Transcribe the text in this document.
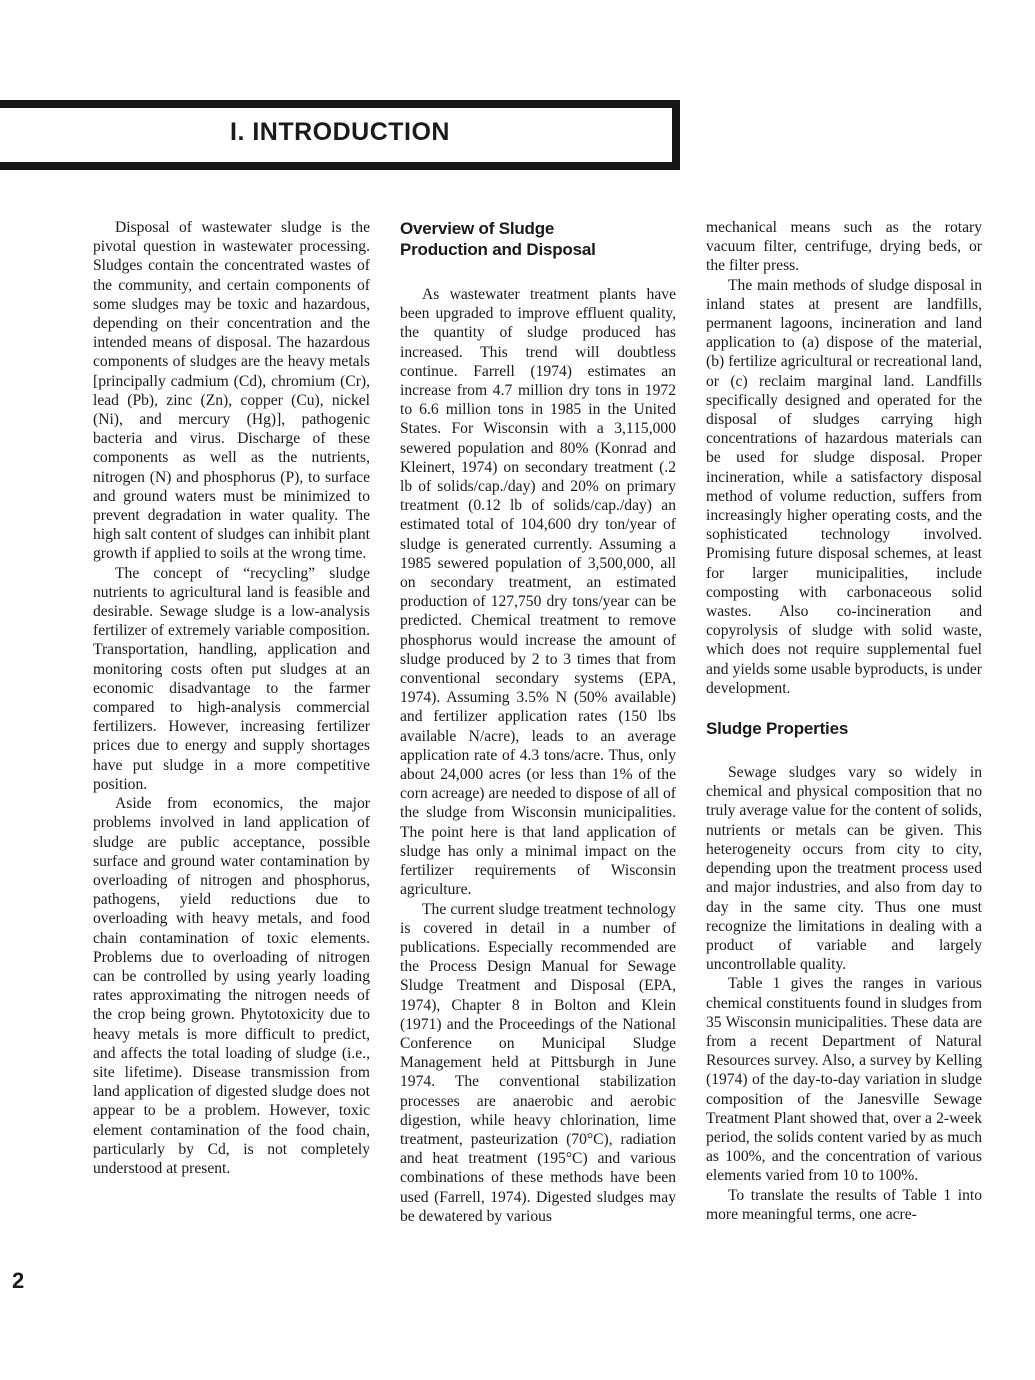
I. INTRODUCTION

Disposal of wastewater sludge is the pivotal question in wastewater processing. Sludges contain the concentrated wastes of the community, and certain components of some sludges may be toxic and hazardous, depending on their concentration and the intended means of disposal. The hazardous components of sludges are the heavy metals [principally cadmium (Cd), chromium (Cr), lead (Pb), zinc (Zn), copper (Cu), nickel (Ni), and mercury (Hg)], pathogenic bacteria and virus. Discharge of these components as well as the nutrients, nitrogen (N) and phosphorus (P), to surface and ground waters must be minimized to prevent degradation in water quality. The high salt content of sludges can inhibit plant growth if applied to soils at the wrong time.

The concept of “recycling” sludge nutrients to agricultural land is feasible and desirable. Sewage sludge is a low-analysis fertilizer of extremely variable composition. Transportation, handling, application and monitoring costs often put sludges at an economic disadvantage to the farmer compared to high-analysis commercial fertilizers. However, increasing fertilizer prices due to energy and supply shortages have put sludge in a more competitive position.

Aside from economics, the major problems involved in land application of sludge are public acceptance, possible surface and ground water contamination by overloading of nitrogen and phosphorus, pathogens, yield reductions due to overloading with heavy metals, and food chain contamination of toxic elements. Problems due to overloading of nitrogen can be controlled by using yearly loading rates approximating the nitrogen needs of the crop being grown. Phytotoxicity due to heavy metals is more difficult to predict, and affects the total loading of sludge (i.e., site lifetime). Disease transmission from land application of digested sludge does not appear to be a problem. However, toxic element contamination of the food chain, particularly by Cd, is not completely understood at present.

Overview of Sludge Production and Disposal

As wastewater treatment plants have been upgraded to improve effluent quality, the quantity of sludge produced has increased. This trend will doubtless continue. Farrell (1974) estimates an increase from 4.7 million dry tons in 1972 to 6.6 million tons in 1985 in the United States. For Wisconsin with a 3,115,000 sewered population and 80% (Konrad and Kleinert, 1974) on secondary treatment (.2 lb of solids/cap./day) and 20% on primary treatment (0.12 lb of solids/cap./day) an estimated total of 104,600 dry ton/year of sludge is generated currently. Assuming a 1985 sewered population of 3,500,000, all on secondary treatment, an estimated production of 127,750 dry tons/year can be predicted. Chemical treatment to remove phosphorus would increase the amount of sludge produced by 2 to 3 times that from conventional secondary systems (EPA, 1974). Assuming 3.5% N (50% available) and fertilizer application rates (150 lbs available N/acre), leads to an average application rate of 4.3 tons/acre. Thus, only about 24,000 acres (or less than 1% of the corn acreage) are needed to dispose of all of the sludge from Wisconsin municipalities. The point here is that land application of sludge has only a minimal impact on the fertilizer requirements of Wisconsin agriculture.

The current sludge treatment technology is covered in detail in a number of publications. Especially recommended are the Process Design Manual for Sewage Sludge Treatment and Disposal (EPA, 1974), Chapter 8 in Bolton and Klein (1971) and the Proceedings of the National Conference on Municipal Sludge Management held at Pittsburgh in June 1974. The conventional stabilization processes are anaerobic and aerobic digestion, while heavy chlorination, lime treatment, pasteurization (70°C), radiation and heat treatment (195°C) and various combinations of these methods have been used (Farrell, 1974). Digested sludges may be dewatered by various

mechanical means such as the rotary vacuum filter, centrifuge, drying beds, or the filter press.

The main methods of sludge disposal in inland states at present are landfills, permanent lagoons, incineration and land application to (a) dispose of the material, (b) fertilize agricultural or recreational land, or (c) reclaim marginal land. Landfills specifically designed and operated for the disposal of sludges carrying high concentrations of hazardous materials can be used for sludge disposal. Proper incineration, while a satisfactory disposal method of volume reduction, suffers from increasingly higher operating costs, and the sophisticated technology involved. Promising future disposal schemes, at least for larger municipalities, include composting with carbonaceous solid wastes. Also co-incineration and copyrolysis of sludge with solid waste, which does not require supplemental fuel and yields some usable byproducts, is under development.

Sludge Properties

Sewage sludges vary so widely in chemical and physical composition that no truly average value for the content of solids, nutrients or metals can be given. This heterogeneity occurs from city to city, depending upon the treatment process used and major industries, and also from day to day in the same city. Thus one must recognize the limitations in dealing with a product of variable and largely uncontrollable quality.

Table 1 gives the ranges in various chemical constituents found in sludges from 35 Wisconsin municipalities. These data are from a recent Department of Natural Resources survey. Also, a survey by Kelling (1974) of the day-to-day variation in sludge composition of the Janesville Sewage Treatment Plant showed that, over a 2-week period, the solids content varied by as much as 100%, and the concentration of various elements varied from 10 to 100%.

To translate the results of Table 1 into more meaningful terms, one acre-

2
